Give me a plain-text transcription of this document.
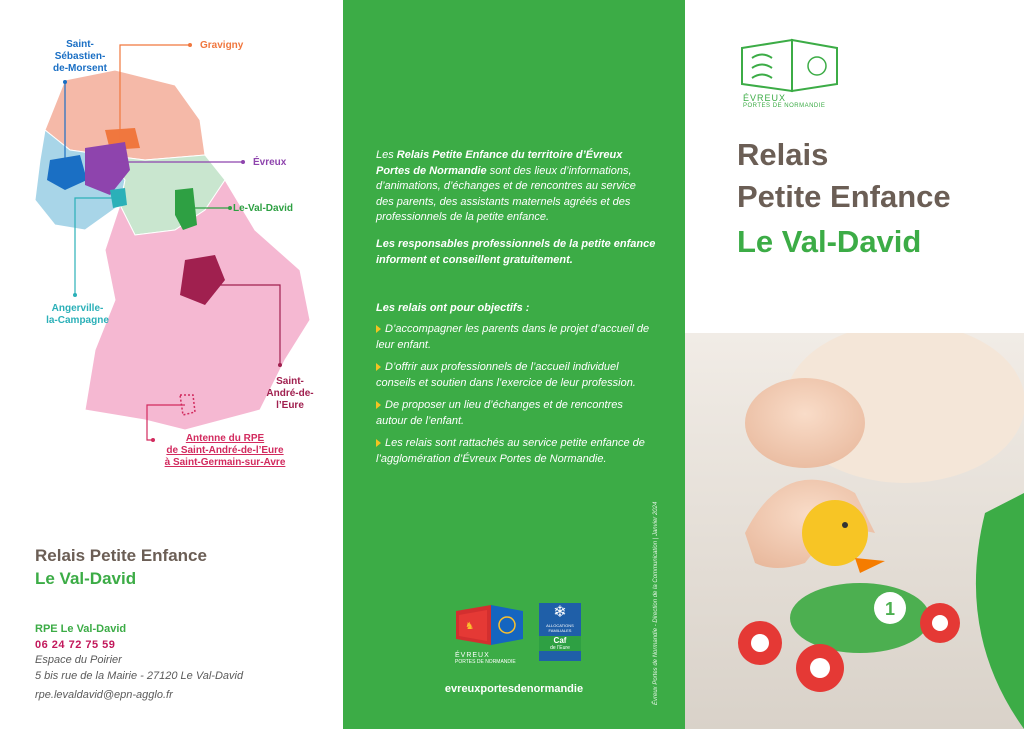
Saint-
Sébastien-
de-Morsent
Gravigny
Évreux
Le-Val-David
Angerville-
la-Campagne
Saint-
André-de-
l’Eure
Antenne du RPE
de Saint-André-de-l’Eure
à Saint-Germain-sur-Avre
Relais Petite Enfance
Le Val-David
RPE Le Val-David
06 24 72 75 59
Espace du Poirier
5 bis rue de la Mairie - 27120 Le Val-David
rpe.levaldavid@epn-agglo.fr
Les Relais Petite Enfance du territoire d’Évreux Portes de Normandie sont des lieux d’informations, d’animations, d’échanges et de rencontres au service des parents, des assistants maternels agréés et des professionnels de la petite enfance.
Les responsables professionnels de la petite enfance informent et conseillent gratuitement.
Les relais ont pour objectifs :
D’accompagner les parents dans le projet d’accueil de leur enfant.
D’offrir aux professionnels de l’accueil individuel conseils et soutien dans l’exercice de leur profession.
De proposer un lieu d’échanges et de rencontres autour de l’enfant.
Les relais sont rattachés au service petite enfance de l’agglomération d’Évreux Portes de Normandie.
Évreux Portes de Normandie - Direction de la Communication | Janvier 2024
♞
ÉVREUX
PORTES DE NORMANDIE
❄
ALLOCATIONS FAMILIALES
Caf
de l’Eure
evreuxportesdenormandie
ÉVREUX
PORTES DE NORMANDIE
Relais
Petite Enfance
Le Val-David
1
